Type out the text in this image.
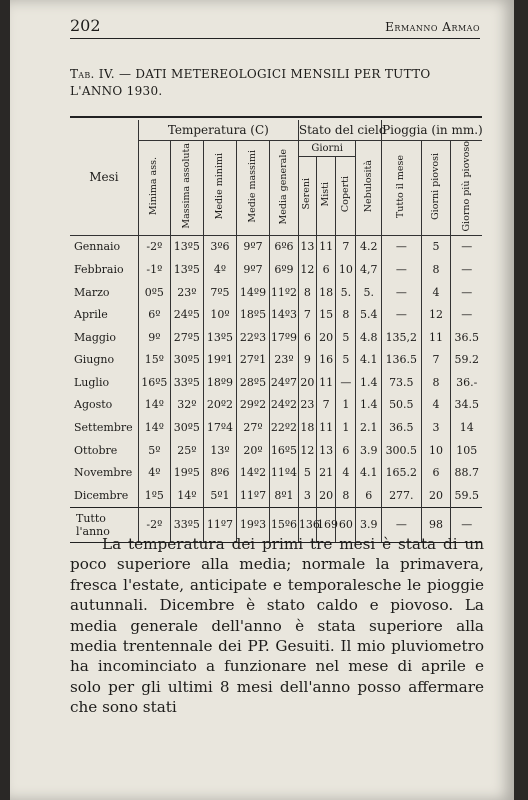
202	Ermanno Armao
Tab. IV. — DATI METEREOLOGICI MENSILI PER TUTTO L'ANNO 1930.

Mesi	Temperatura (C)					Stato del cielo				Pioggia (in mm.)		
	Minima ass.	Massima assoluta	Medie minimi	Medie massimi	Media generale	Giorni			Nebulosità	Tutto il mese	Giorni piovosi	Giorno più piovoso
						Sereni	Misti	Coperti				
Gennaio	-2º	13º5	3º6	9º7	6º6	13	11	7	4.2	—	5	—
Febbraio	-1º	13º5	4º	9º7	6º9	12	6	10	4,7	—	8	—
Marzo	0º5	23º	7º5	14º9	11º2	8	18	5.	5.	—	4	—
Aprile	6º	24º5	10º	18º5	14º3	7	15	8	5.4	—	12	—
Maggio	9º	27º5	13º5	22º3	17º9	6	20	5	4.8	135,2	11	36.5
Giugno	15º	30º5	19º1	27º1	23º	9	16	5	4.1	136.5	7	59.2
Luglio	16º5	33º5	18º9	28º5	24º7	20	11	—	1.4	73.5	8	36.-
Agosto	14º	32º	20º2	29º2	24º2	23	7	1	1.4	50.5	4	34.5
Settembre	14º	30º5	17º4	27º	22º2	18	11	1	2.1	36.5	3	14
Ottobre	5º	25º	13º	20º	16º5	12	13	6	3.9	300.5	10	105
Novembre	4º	19º5	8º6	14º2	11º4	5	21	4	4.1	165.2	6	88.7
Dicembre	1º5	14º	5º1	11º7	8º1	3	20	8	6	277.	20	59.5
Tutto
l'anno	-2º	33º5	11º7	19º3	15º6	136	169	60	3.9	—	98	—

La temperatura dei primi tre mesi è stata di un poco superiore alla media; normale la primavera, fresca l'estate, anticipate e temporalesche le pioggie autunnali. Dicembre è stato caldo e piovoso. La media generale dell'anno è stata superiore alla media trentennale dei PP. Gesuiti. Il mio pluviometro ha incominciato a funzionare nel mese di aprile e solo per gli ultimi 8 mesi dell'anno posso affermare che sono stati
